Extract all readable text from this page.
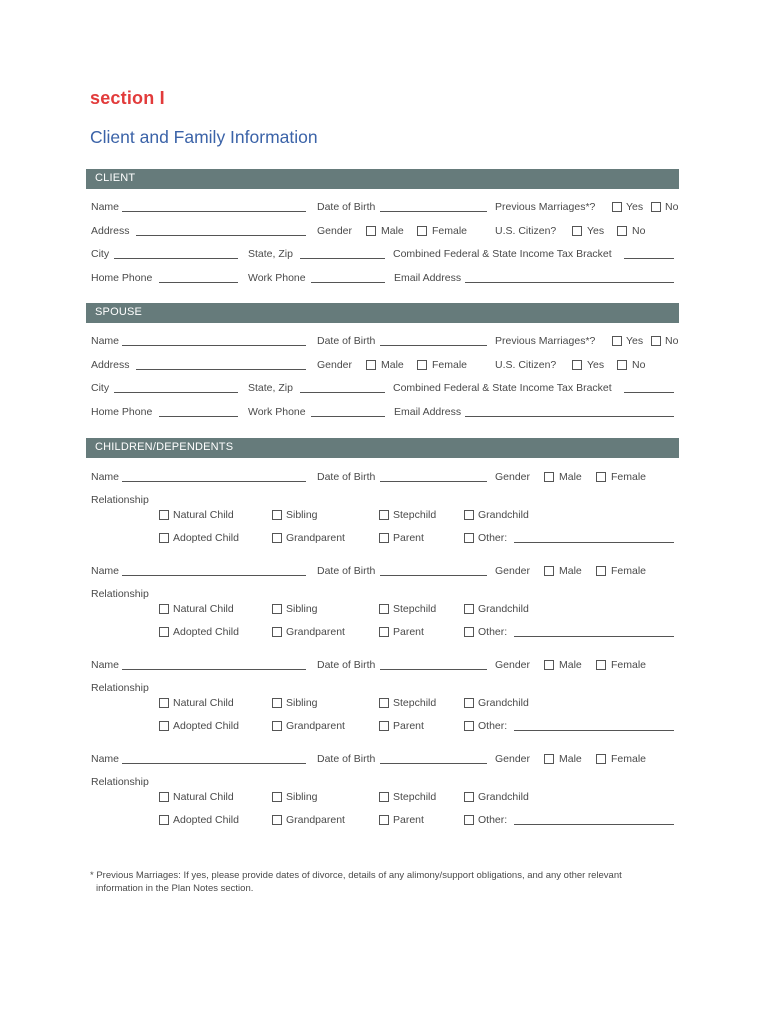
section I
Client and Family Information
CLIENT
Name	Date of Birth	Previous Marriages*?	Yes No
Address	Gender	Male	Female	U.S. Citizen?	Yes	No
City	State, Zip	Combined Federal & State Income Tax Bracket
Home Phone	Work Phone	Email Address
SPOUSE
Name	Date of Birth	Previous Marriages*?	Yes No
Address	Gender	Male	Female	U.S. Citizen?	Yes	No
City	State, Zip	Combined Federal & State Income Tax Bracket
Home Phone	Work Phone	Email Address
CHILDREN/DEPENDENTS
Name	Date of Birth	Gender	Male	Female
Relationship
Natural Child	Sibling	Stepchild	Grandchild
Adopted Child	Grandparent	Parent	Other:
Name	Date of Birth	Gender	Male	Female
Relationship
Natural Child	Sibling	Stepchild	Grandchild
Adopted Child	Grandparent	Parent	Other:
Name	Date of Birth	Gender	Male	Female
Relationship
Natural Child	Sibling	Stepchild	Grandchild
Adopted Child	Grandparent	Parent	Other:
Name	Date of Birth	Gender	Male	Female
Relationship
Natural Child	Sibling	Stepchild	Grandchild
Adopted Child	Grandparent	Parent	Other:
* Previous Marriages: If yes, please provide dates of divorce, details of any alimony/support obligations, and any other relevant
information in the Plan Notes section.
